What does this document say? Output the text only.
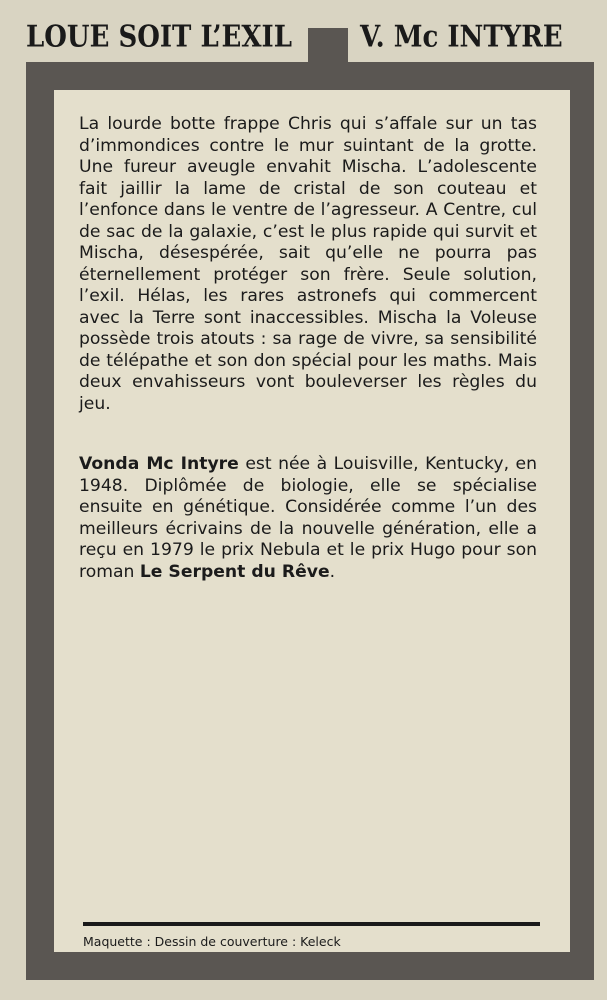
LOUE SOIT L’EXIL	V. Mc INTYRE

La lourde botte frappe Chris qui s’affale sur un tas d’immondices contre le mur suintant de la grotte. Une fureur aveugle envahit Mischa. L’adolescente fait jaillir la lame de cristal de son couteau et l’enfonce dans le ventre de l’agresseur. A Centre, cul de sac de la galaxie, c’est le plus rapide qui survit et Mischa, désespérée, sait qu’elle ne pourra pas éternellement protéger son frère. Seule solution, l’exil. Hélas, les rares astronefs qui commercent avec la Terre sont inaccessibles. Mischa la Voleuse possède trois atouts : sa rage de vivre, sa sensibilité de télépathe et son don spécial pour les maths. Mais deux envahisseurs vont bouleverser les règles du jeu.

Vonda Mc Intyre est née à Louisville, Kentucky, en 1948. Diplômée de biologie, elle se spécialise ensuite en génétique. Considérée comme l’un des meilleurs écrivains de la nouvelle génération, elle a reçu en 1979 le prix Nebula et le prix Hugo pour son roman Le Serpent du Rêve.

Maquette : Dessin de couverture : Keleck
